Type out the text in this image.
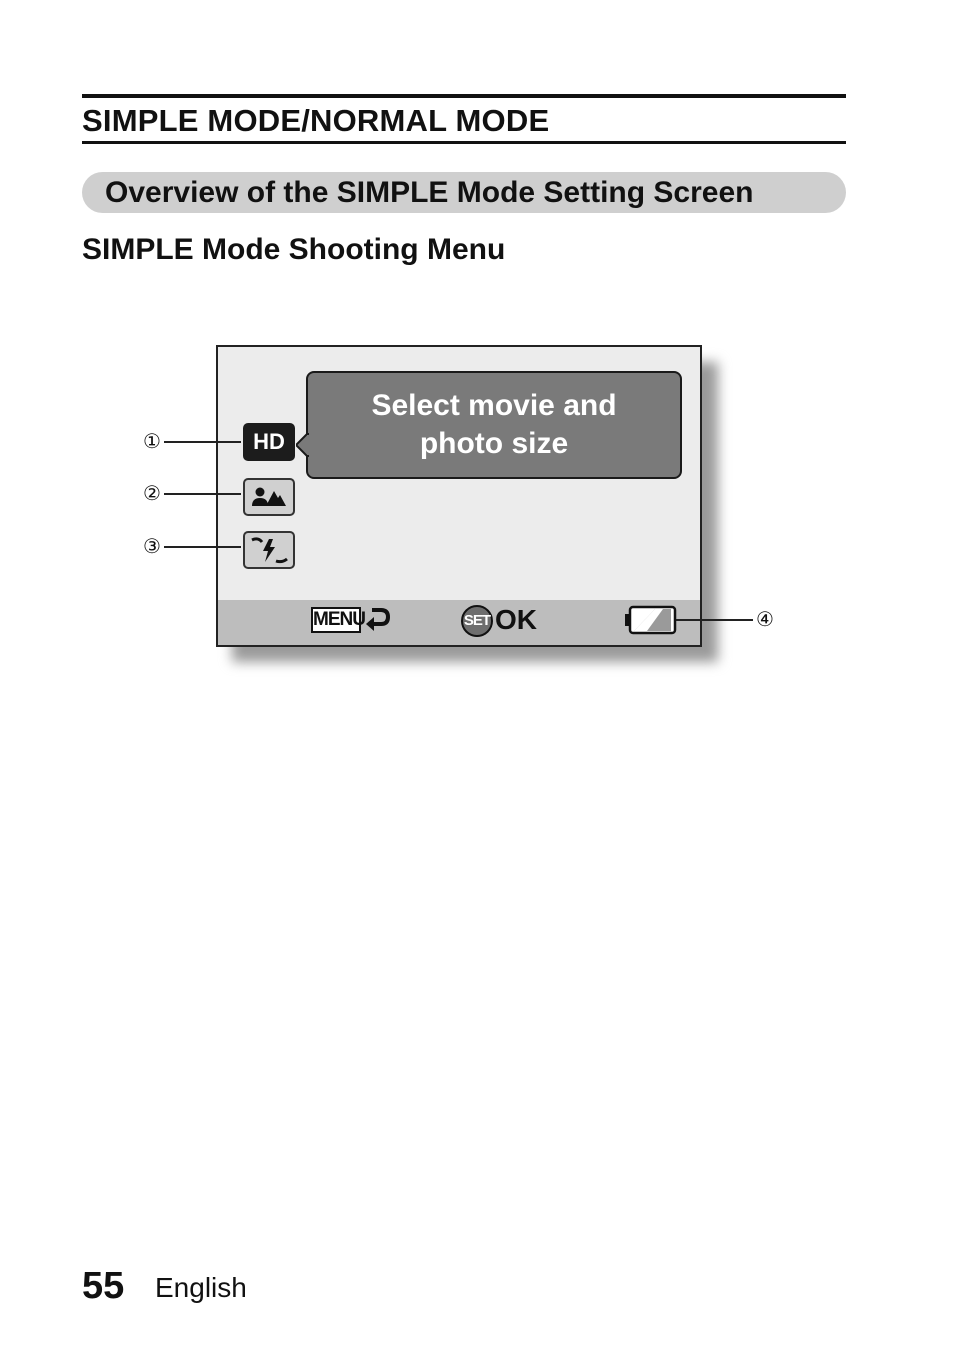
SIMPLE MODE/NORMAL MODE
Overview of the SIMPLE Mode Setting Screen
SIMPLE Mode Shooting Menu
Select movie and
photo size
HD
MENU	SET OK
①
②
③
④
55 English
